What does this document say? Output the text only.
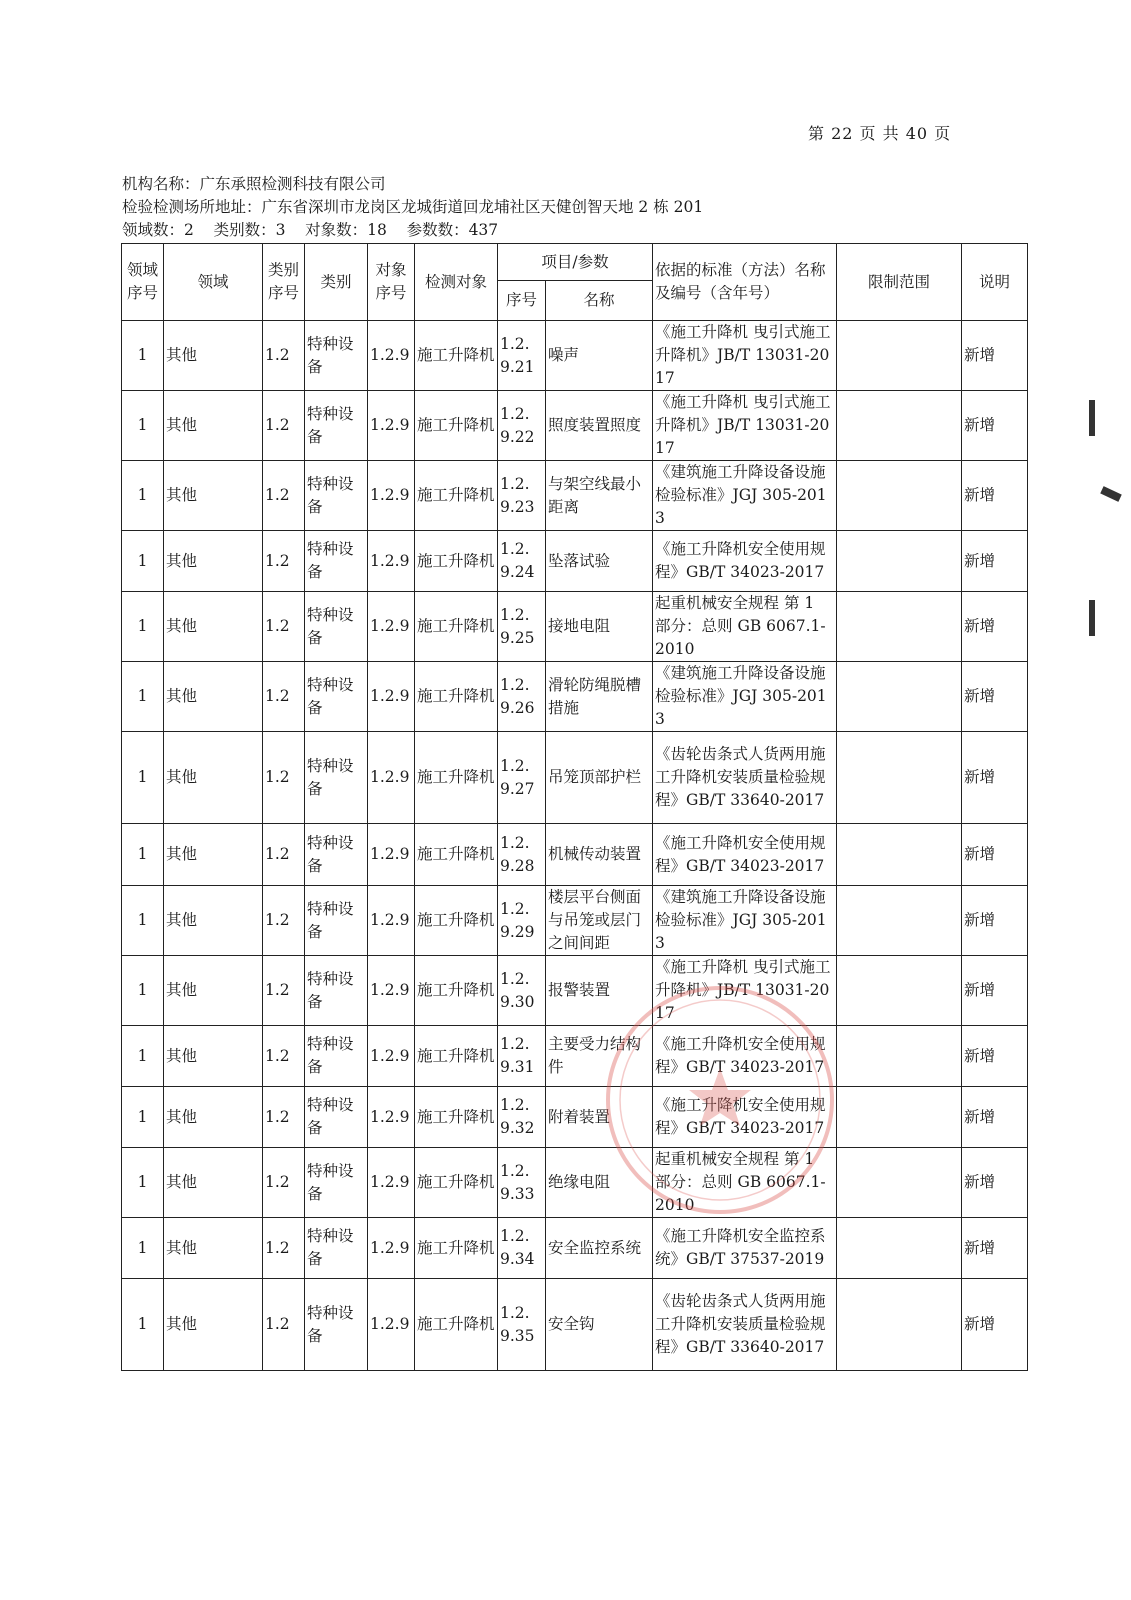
第 22 页 共 40 页
机构名称：广东承照检测科技有限公司
检验检测场所地址：广东省深圳市龙岗区龙城街道回龙埔社区天健创智天地 2 栋 201
领域数：2    类别数：3    对象数：18    参数数：437
领域序号	领域	类别序号	类别	对象序号	检测对象	项目/参数		依据的标准（方法）名称及编号（含年号）	限制范围	说明
						序号	名称			
1	其他	1.2	特种设备	1.2.9	施工升降机	1.2.9.21	噪声	《施工升降机 曳引式施工升降机》JB/T 13031-2017		新增
1	其他	1.2	特种设备	1.2.9	施工升降机	1.2.9.22	照度装置照度	《施工升降机 曳引式施工升降机》JB/T 13031-2017		新增
1	其他	1.2	特种设备	1.2.9	施工升降机	1.2.9.23	与架空线最小距离	《建筑施工升降设备设施检验标准》JGJ 305-2013		新增
1	其他	1.2	特种设备	1.2.9	施工升降机	1.2.9.24	坠落试验	《施工升降机安全使用规程》GB/T 34023-2017		新增
1	其他	1.2	特种设备	1.2.9	施工升降机	1.2.9.25	接地电阻	起重机械安全规程 第 1 部分：总则 GB 6067.1-2010		新增
1	其他	1.2	特种设备	1.2.9	施工升降机	1.2.9.26	滑轮防绳脱槽措施	《建筑施工升降设备设施检验标准》JGJ 305-2013		新增
1	其他	1.2	特种设备	1.2.9	施工升降机	1.2.9.27	吊笼顶部护栏	《齿轮齿条式人货两用施工升降机安装质量检验规程》GB/T 33640-2017		新增
1	其他	1.2	特种设备	1.2.9	施工升降机	1.2.9.28	机械传动装置	《施工升降机安全使用规程》GB/T 34023-2017		新增
1	其他	1.2	特种设备	1.2.9	施工升降机	1.2.9.29	楼层平台侧面与吊笼或层门之间间距	《建筑施工升降设备设施检验标准》JGJ 305-2013		新增
1	其他	1.2	特种设备	1.2.9	施工升降机	1.2.9.30	报警装置	《施工升降机 曳引式施工升降机》JB/T 13031-2017		新增
1	其他	1.2	特种设备	1.2.9	施工升降机	1.2.9.31	主要受力结构件	《施工升降机安全使用规程》GB/T 34023-2017		新增
1	其他	1.2	特种设备	1.2.9	施工升降机	1.2.9.32	附着装置	《施工升降机安全使用规程》GB/T 34023-2017		新增
1	其他	1.2	特种设备	1.2.9	施工升降机	1.2.9.33	绝缘电阻	起重机械安全规程 第 1 部分：总则 GB 6067.1-2010		新增
1	其他	1.2	特种设备	1.2.9	施工升降机	1.2.9.34	安全监控系统	《施工升降机安全监控系统》GB/T 37537-2019		新增
1	其他	1.2	特种设备	1.2.9	施工升降机	1.2.9.35	安全钩	《齿轮齿条式人货两用施工升降机安装质量检验规程》GB/T 33640-2017		新增
